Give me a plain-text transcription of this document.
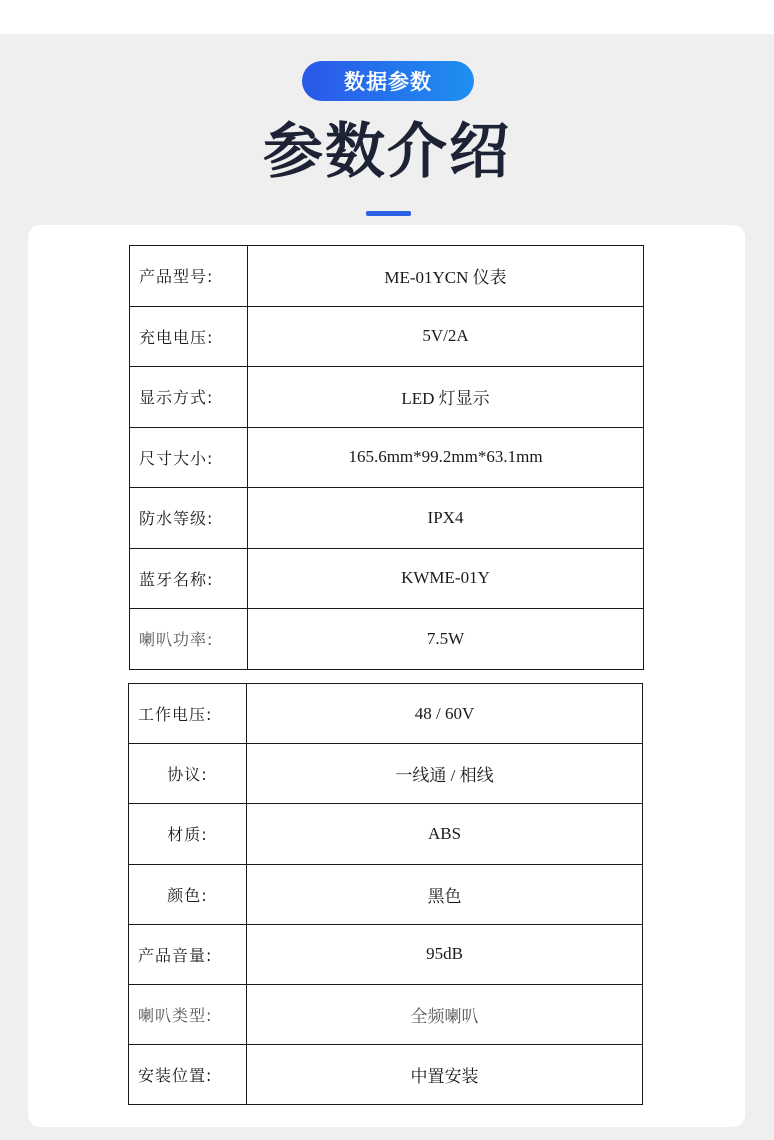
数据参数
参数介绍
产品型号:	ME-01YCN 仪表
充电电压:	5V/2A
显示方式:	LED 灯显示
尺寸大小:	165.6mm*99.2mm*63.1mm
防水等级:	IPX4
蓝牙名称:	KWME-01Y
喇叭功率:	7.5W
工作电压:	48 / 60V
协议:	一线通 / 相线
材质:	ABS
颜色:	黑色
产品音量:	95dB
喇叭类型:	全频喇叭
安装位置:	中置安装
